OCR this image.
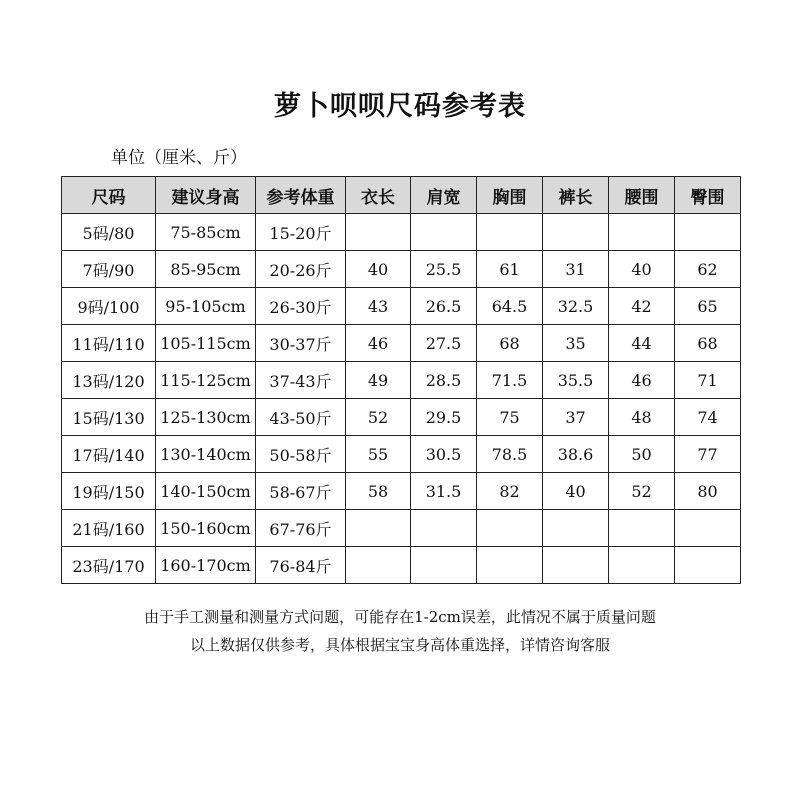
萝卜呗呗尺码参考表
单位（厘米、斤）
尺码	建议身高	参考体重	衣长	肩宽	胸围	裤长	腰围	臀围
5码/80	75-85cm	15-20斤						
7码/90	85-95cm	20-26斤	40	25.5	61	31	40	62
9码/100	95-105cm	26-30斤	43	26.5	64.5	32.5	42	65
11码/110	105-115cm	30-37斤	46	27.5	68	35	44	68
13码/120	115-125cm	37-43斤	49	28.5	71.5	35.5	46	71
15码/130	125-130cm	43-50斤	52	29.5	75	37	48	74
17码/140	130-140cm	50-58斤	55	30.5	78.5	38.6	50	77
19码/150	140-150cm	58-67斤	58	31.5	82	40	52	80
21码/160	150-160cm	67-76斤						
23码/170	160-170cm	76-84斤						
由于手工测量和测量方式问题，可能存在1-2cm误差，此情况不属于质量问题
以上数据仅供参考，具体根据宝宝身高体重选择，详情咨询客服
